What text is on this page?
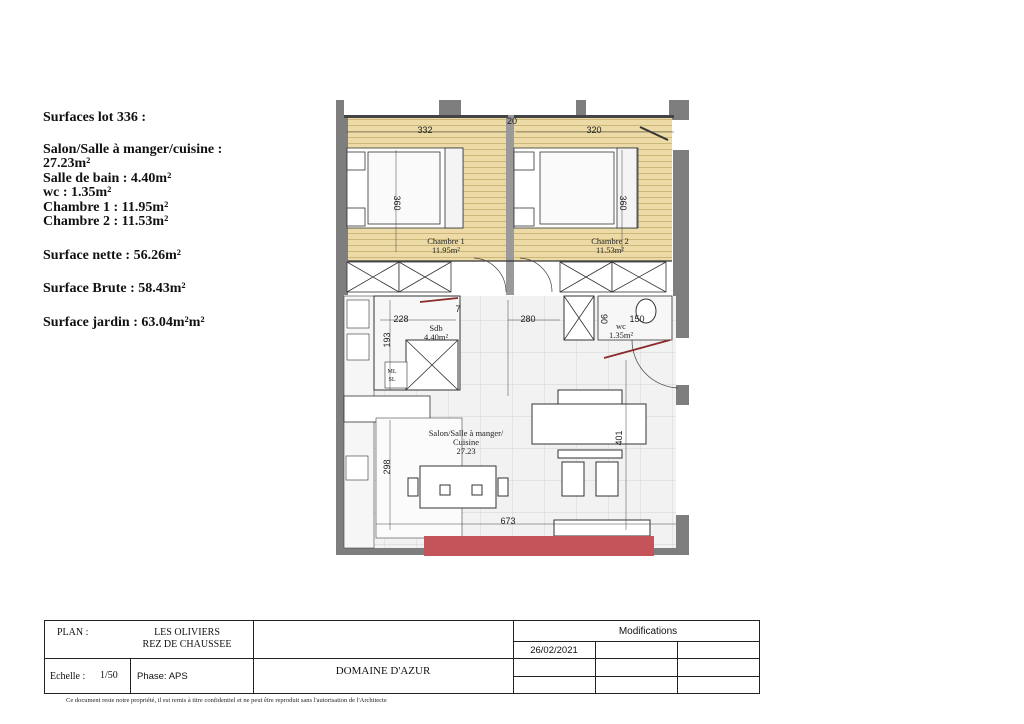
Surfaces lot 336 :
Salon/Salle à manger/cuisine :
27.23m²
Salle de bain : 4.40m²
wc : 1.35m²
Chambre 1 : 11.95m²
Chambre 2 : 11.53m²
Surface nette : 56.26m²
Surface Brute : 58.43m²
Surface jardin : 63.04m²m²
332
20
320
360	360
228
7
280	90 150
193
401
298
673
Chambre 1
11.95m²
Chambre 2
11.53m²
Sdb
4.40m²
wc
1.35m²
Salon/Salle à manger/
Cuisine
27.23
ML
SL
PLAN :	LES OLIVIERS
REZ DE CHAUSSEE
Echelle : 1/50 Phase: APS	DOMAINE D'AZUR
Modifications
26/02/2021
Ce document reste notre propriété, il est remis à titre confidentiel et ne peut être reproduit sans l'autorisation de l'Architecte
